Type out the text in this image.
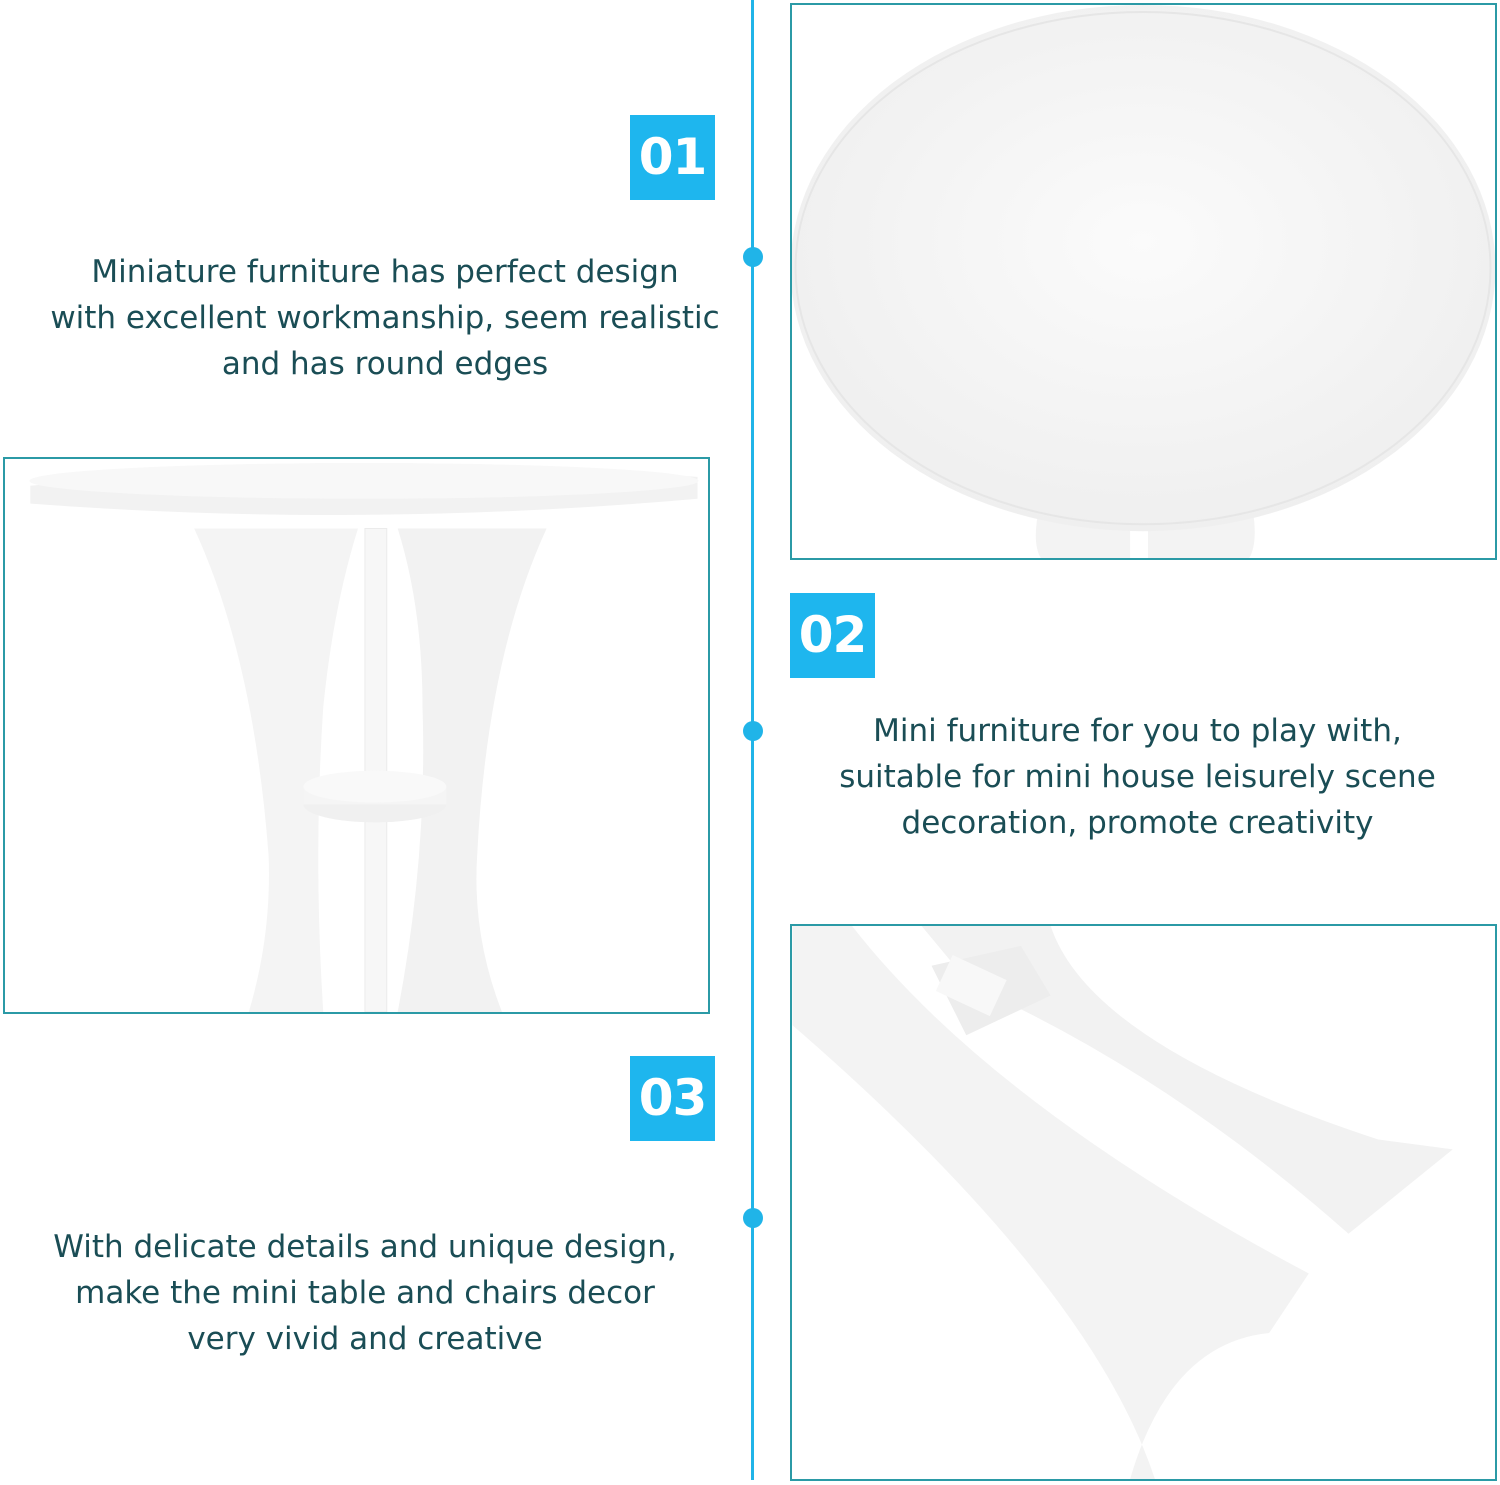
01
Miniature furniture has perfect design
with excellent workmanship, seem realistic
and has round edges
02
Mini furniture for you to play with,
suitable for mini house leisurely scene
decoration, promote creativity
03
With delicate details and unique design,
make the mini table and chairs decor
very vivid and creative
